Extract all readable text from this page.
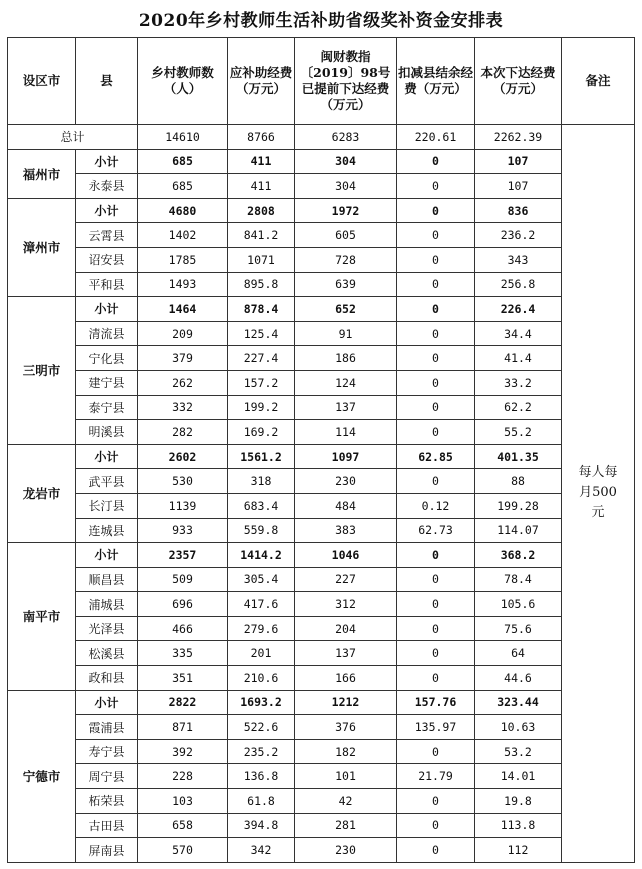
2020年乡村教师生活补助省级奖补资金安排表
设区市	县	乡村教师数（人）	应补助经费（万元）	闽财教指〔2019〕98号已提前下达经费（万元）	扣减县结余经费（万元）	本次下达经费（万元）	备注
总计		14610	8766	6283	220.61	2262.39	每人每月500元

福州市	小计	685	411	304	0	107	
	永泰县	685	411	304	0	107	
漳州市	小计	4680	2808	1972	0	836	
	云霄县	1402	841.2	605	0	236.2	
	诏安县	1785	1071	728	0	343	
	平和县	1493	895.8	639	0	256.8	
三明市	小计	1464	878.4	652	0	226.4	
	清流县	209	125.4	91	0	34.4	
	宁化县	379	227.4	186	0	41.4	
	建宁县	262	157.2	124	0	33.2	
	泰宁县	332	199.2	137	0	62.2	
	明溪县	282	169.2	114	0	55.2	
龙岩市	小计	2602	1561.2	1097	62.85	401.35	
	武平县	530	318	230	0	88	
	长汀县	1139	683.4	484	0.12	199.28	
	连城县	933	559.8	383	62.73	114.07	
南平市	小计	2357	1414.2	1046	0	368.2	
	顺昌县	509	305.4	227	0	78.4	
	浦城县	696	417.6	312	0	105.6	
	光泽县	466	279.6	204	0	75.6	
	松溪县	335	201	137	0	64	
	政和县	351	210.6	166	0	44.6	
宁德市	小计	2822	1693.2	1212	157.76	323.44	
	霞浦县	871	522.6	376	135.97	10.63	
	寿宁县	392	235.2	182	0	53.2	
	周宁县	228	136.8	101	21.79	14.01	
	柘荣县	103	61.8	42	0	19.8	
	古田县	658	394.8	281	0	113.8	
	屏南县	570	342	230	0	112	
